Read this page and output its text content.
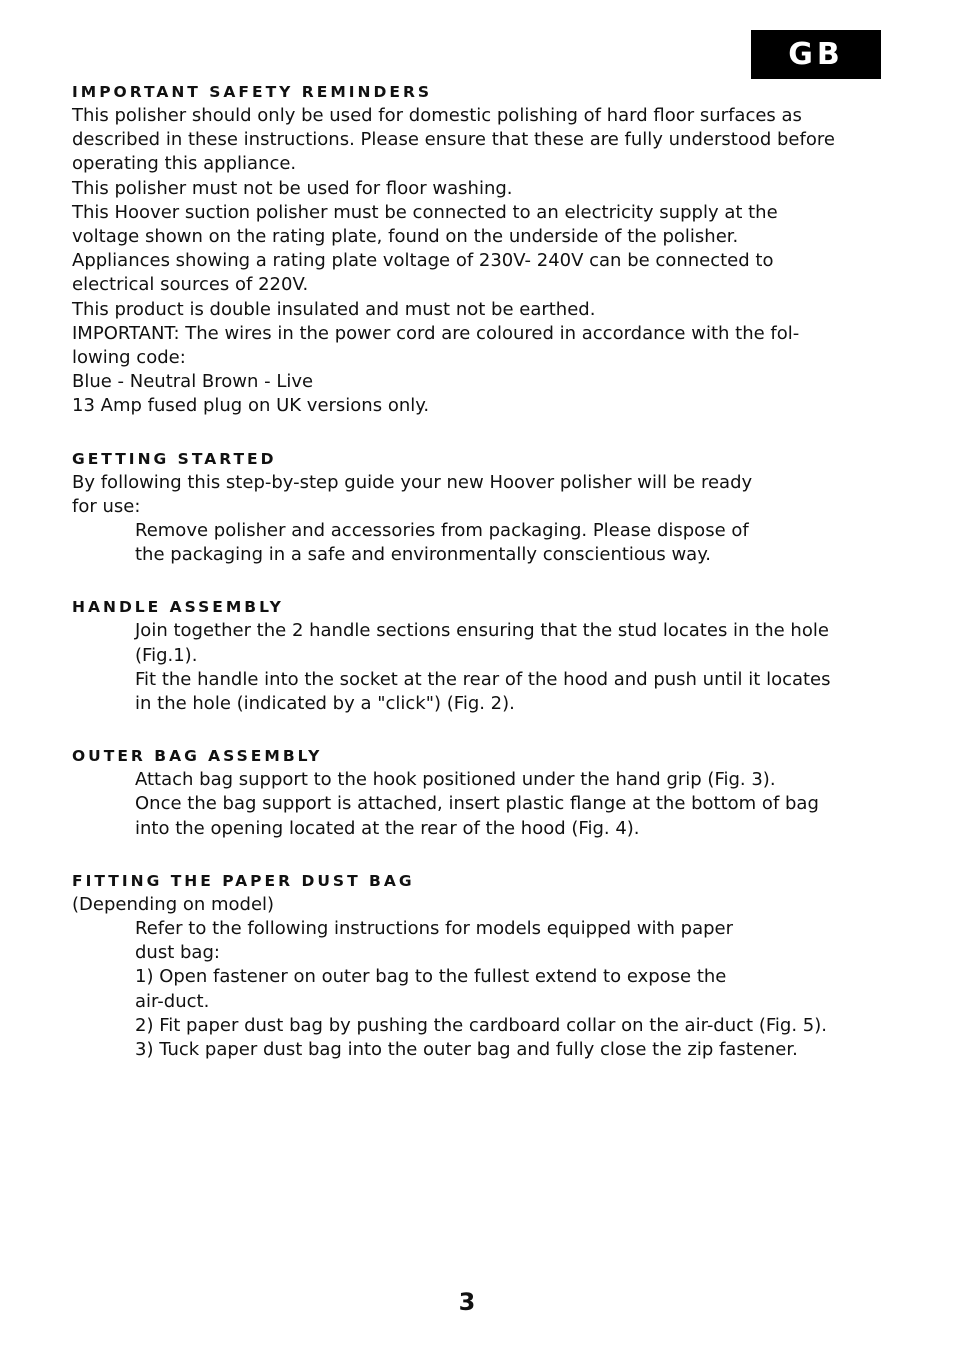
GB
IMPORTANT SAFETY REMINDERS

This polisher should only be used for domestic polishing of hard floor surfaces as

described in these instructions. Please ensure that these are fully understood before

operating this appliance.

This polisher must not be used for floor washing.

This Hoover suction polisher must be connected to an electricity supply at the

voltage shown on the rating plate, found on the underside of the polisher.

Appliances showing a rating plate voltage of 230V- 240V can be connected to

electrical sources of 220V.

This product is double insulated and must not be earthed.

IMPORTANT: The wires in the power cord are coloured in accordance with the fol-

lowing code:

Blue - Neutral Brown - Live

13 Amp fused plug on UK versions only.

GETTING STARTED

By following this step-by-step guide your new Hoover polisher will be ready

for use:

Remove polisher and accessories from packaging. Please dispose of

the packaging in a safe and environmentally conscientious way.

HANDLE ASSEMBLY

Join together the 2 handle sections ensuring that the stud locates in the hole

(Fig.1).

Fit the handle into the socket at the rear of the hood and push until it locates

in the hole (indicated by a "click") (Fig. 2).

OUTER BAG ASSEMBLY

Attach bag support to the hook positioned under the hand grip (Fig. 3).

Once the bag support is attached, insert plastic flange at the bottom of bag

into the opening located at the rear of the hood (Fig. 4).

FITTING THE PAPER DUST BAG

(Depending on model)

Refer to the following instructions for models equipped with paper

dust bag:

1) Open fastener on outer bag to the fullest extend to expose the

air-duct.

2) Fit paper dust bag by pushing the cardboard collar on the air-duct (Fig. 5).

3) Tuck paper dust bag into the outer bag and fully close the zip fastener.

3
